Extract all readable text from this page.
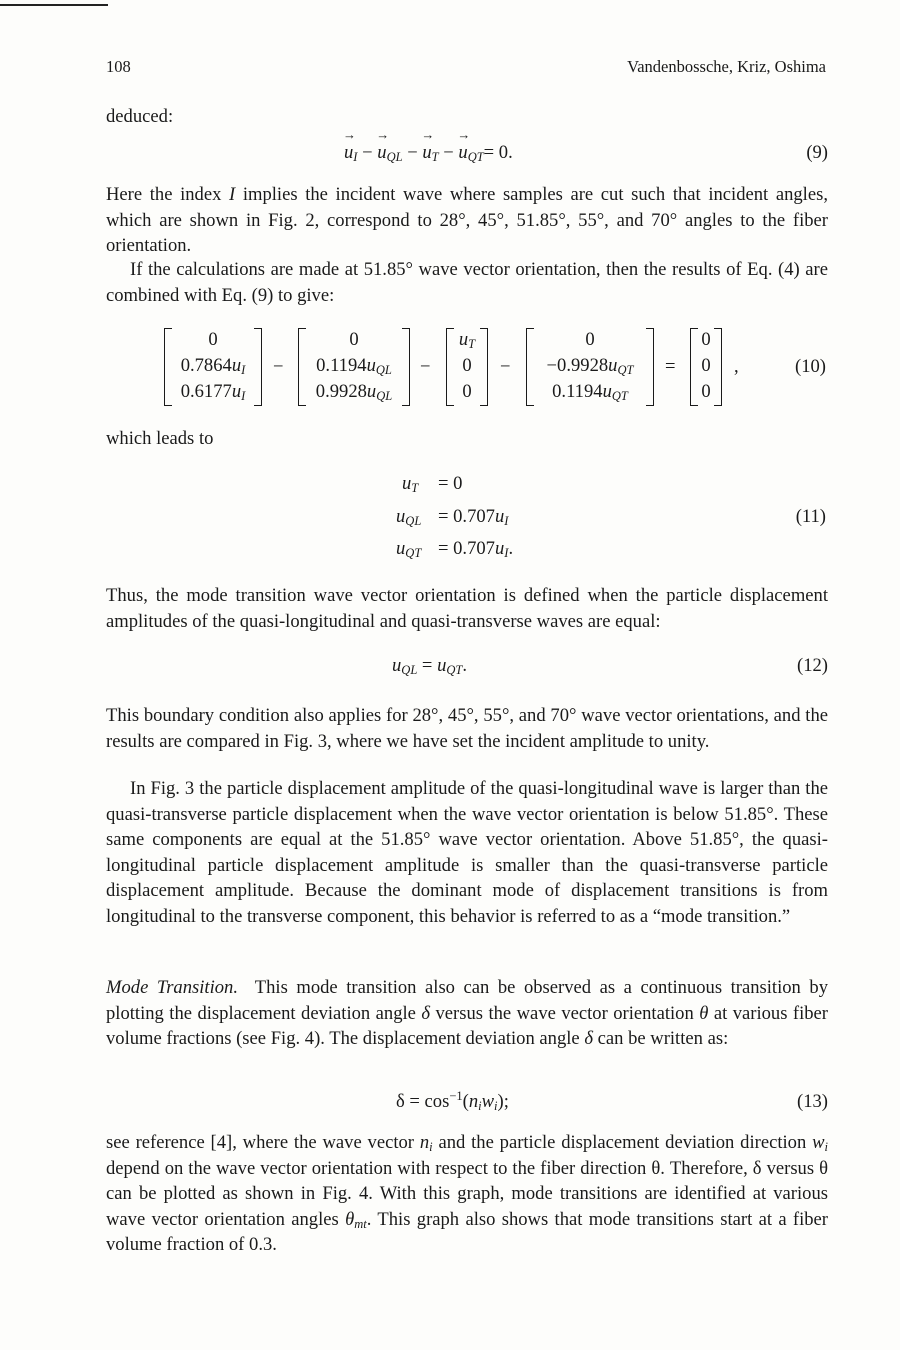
108	Vandenbossche, Kriz, Oshima

deduced:

→ $u_I$ − → $u_{QL}$ − → $u_T$ − → $u_{QT}= 0$.	(9)

Here the index I implies the incident wave where samples are cut such that incident angles, which are shown in Fig. 2, correspond to 28°, 45°, 51.85°, 55°, and 70° angles to the fiber orientation.

If the calculations are made at 51.85° wave vector orientation, then the results of Eq. (4) are combined with Eq. (9) to give:

0
$0.7864u_I$
$0.6177u_I$
−
0
$0.1194u_{QL}$
$0.9928u_{QL}$
−
$u_T$
0
0
−
0
$-0.9928u_{QT}$
$0.1194u_{QT}$
=
0
0
0
,	(10)

which leads to

$u_T = 0$
$u_{QL} = 0.707u_I$
$u_{QT} = 0.707u_I$.
(11)

Thus, the mode transition wave vector orientation is defined when the particle displacement amplitudes of the quasi-longitudinal and quasi-transverse waves are equal:

$u_{QL} = u_{QT}$.	(12)

This boundary condition also applies for 28°, 45°, 55°, and 70° wave vector orientations, and the results are compared in Fig. 3, where we have set the incident amplitude to unity.

In Fig. 3 the particle displacement amplitude of the quasi-longitudinal wave is larger than the quasi-transverse particle displacement when the wave vector orientation is below 51.85°. These same components are equal at the 51.85° wave vector orientation. Above 51.85°, the quasi-longitudinal particle displacement amplitude is smaller than the quasi-transverse particle displacement amplitude. Because the dominant mode of displacement transitions is from longitudinal to the transverse component, this behavior is referred to as a “mode transition.”

Mode Transition.  This mode transition also can be observed as a continuous transition by plotting the displacement deviation angle δ versus the wave vector orientation θ at various fiber volume fractions (see Fig. 4). The displacement deviation angle δ can be written as:

$\delta = \cos^{-1}(n_iw_i)$;	(13)

see reference [4], where the wave vector $n_i$ and the particle displacement deviation direction $w_i$ depend on the wave vector orientation with respect to the fiber direction θ. Therefore, δ versus θ can be plotted as shown in Fig. 4. With this graph, mode transitions are identified at various wave vector orientation angles $\theta_{mt}$. This graph also shows that mode transitions start at a fiber volume fraction of 0.3.
